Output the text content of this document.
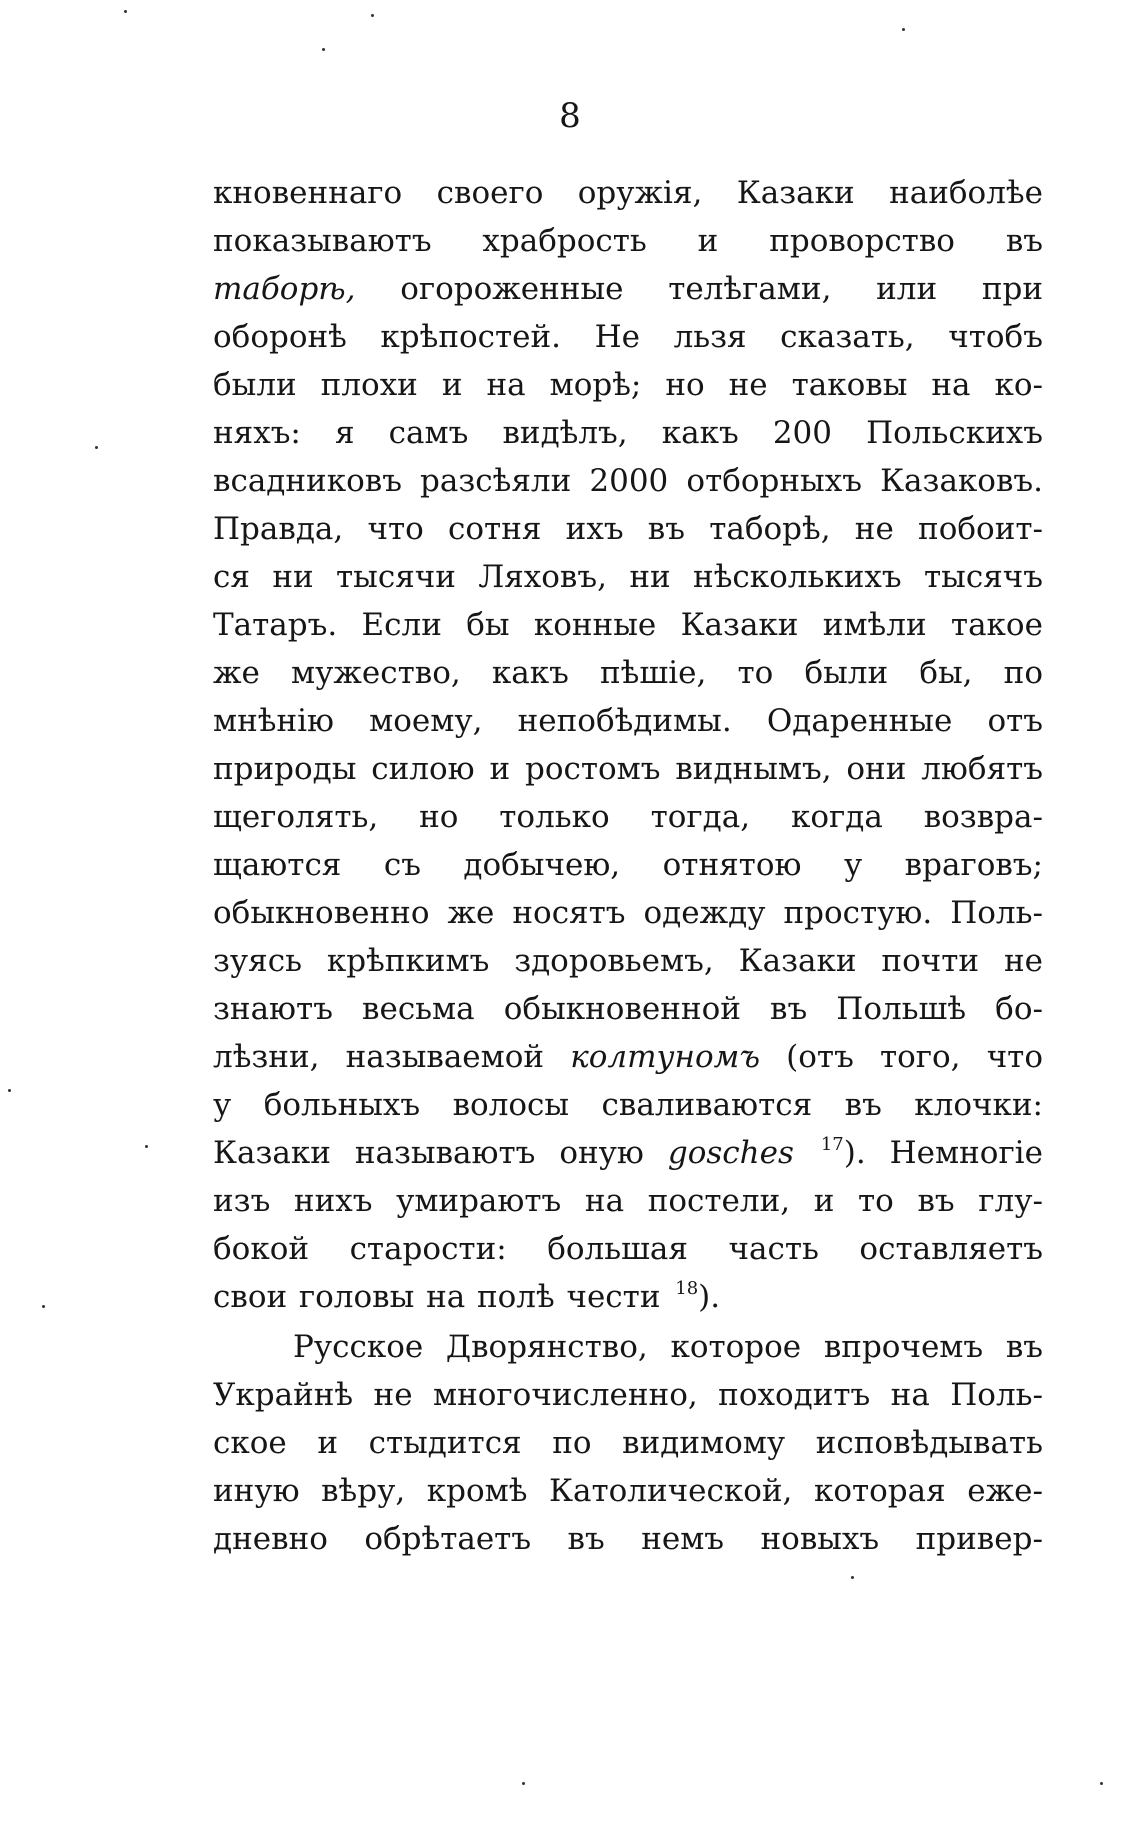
8
кновеннаго своего оружія, Казаки наиболѣе
показываютъ храбрость и проворство въ
таборѣ, огороженные телѣгами, или при
оборонѣ крѣпостей. Не льзя сказать, чтобъ
были плохи и на морѣ; но не таковы на ко-
няхъ: я самъ видѣлъ, какъ 200 Польскихъ
всадниковъ разсѣяли 2000 отборныхъ Казаковъ.
Правда, что сотня ихъ въ таборѣ, не побоит-
ся ни тысячи Ляховъ, ни нѣсколькихъ тысячъ
Татаръ. Если бы конные Казаки имѣли такое
же мужество, какъ пѣшіе, то были бы, по
мнѣнію моему, непобѣдимы. Одаренные отъ
природы силою и ростомъ виднымъ, они любятъ
щеголять, но только тогда, когда возвра-
щаются съ добычею, отнятою у враговъ;
обыкновенно же носятъ одежду простую. Поль-
зуясь крѣпкимъ здоровьемъ, Казаки почти не
знаютъ весьма обыкновенной въ Польшѣ бо-
лѣзни, называемой колтуномъ (отъ того, что
у больныхъ волосы сваливаются въ клочки:
Казаки называютъ оную gosches $^{17}$). Немногіе
изъ нихъ умираютъ на постели, и то въ глу-
бокой старости: большая часть оставляетъ
свои головы на полѣ чести $^{18}$).
Русское Дворянство, которое впрочемъ въ
Украйнѣ не многочисленно, походитъ на Поль-
ское и стыдится по видимому исповѣдывать
иную вѣру, кромѣ Католической, которая еже-
дневно обрѣтаетъ въ немъ новыхъ привер-
